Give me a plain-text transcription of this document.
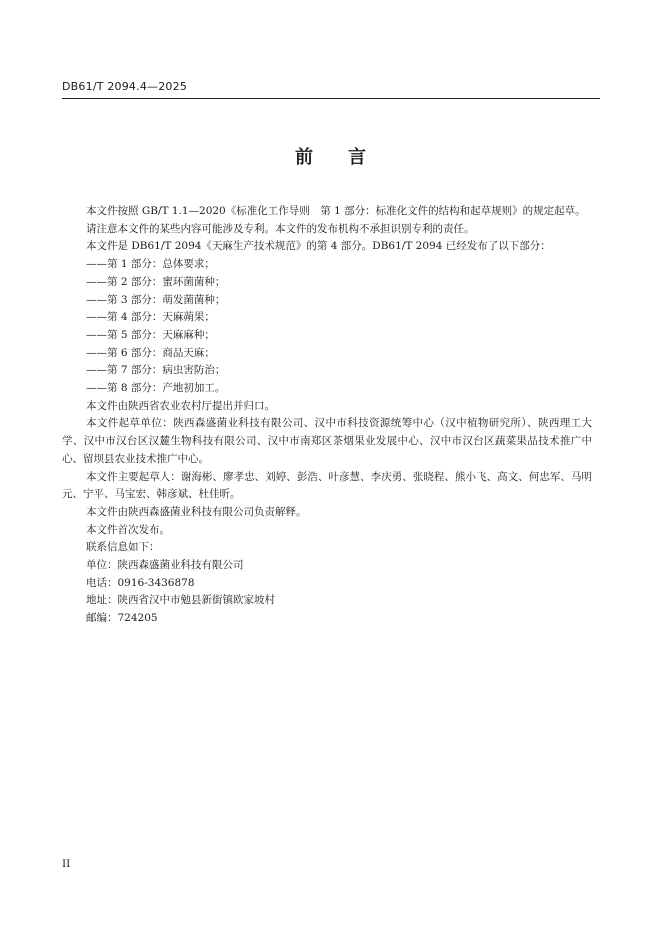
DB61/T 2094.4—2025

前 言

本文件按照 GB/T 1.1—2020《标准化工作导则　第 1 部分：标准化文件的结构和起草规则》的规定起草。

请注意本文件的某些内容可能涉及专利。本文件的发布机构不承担识别专利的责任。

本文件是 DB61/T 2094《天麻生产技术规范》的第 4 部分。DB61/T 2094 已经发布了以下部分：

——第 1 部分：总体要求；

——第 2 部分：蜜环菌菌种；

——第 3 部分：萌发菌菌种；

——第 4 部分：天麻蒴果；

——第 5 部分：天麻麻种；

——第 6 部分：商品天麻；

——第 7 部分：病虫害防治；

——第 8 部分：产地初加工。

本文件由陕西省农业农村厅提出并归口。

本文件起草单位：陕西森盛菌业科技有限公司、汉中市科技资源统筹中心（汉中植物研究所）、陕西理工大学、汉中市汉台区汉麓生物科技有限公司、汉中市南郑区茶烟果业发展中心、汉中市汉台区蔬菜果品技术推广中心、留坝县农业技术推广中心。

本文件主要起草人：谢海彬、廖孝忠、刘婷、彭浩、叶彦慧、李庆勇、张晓程、熊小飞、高文、何忠军、马明元、宁平、马宝宏、韩彦斌、杜佳昕。

本文件由陕西森盛菌业科技有限公司负责解释。

本文件首次发布。

联系信息如下：

单位：陕西森盛菌业科技有限公司

电话：0916-3436878

地址：陕西省汉中市勉县新街镇欧家坡村

邮编：724205

II
